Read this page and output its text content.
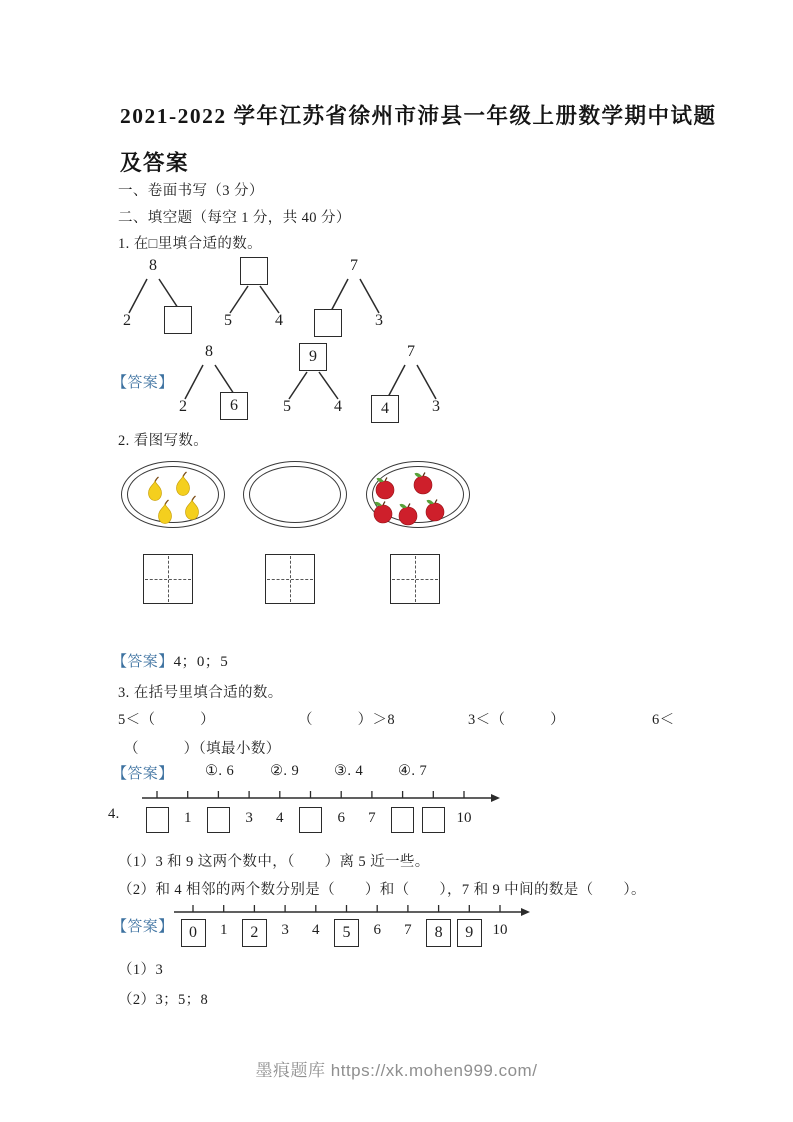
2021-2022 学年江苏省徐州市沛县一年级上册数学期中试题
及答案
一、卷面书写（3 分）
二、填空题（每空 1 分，共 40 分）
1. 在□里填合适的数。
8
2	5	4
7
3
【答案】
8
2	6
9
5	4
7
4	3
2. 看图写数。
【答案】4；0；5
3. 在括号里填合适的数。
5＜（　　　）	（　　　）＞8	3＜（　　　）	6＜
（　　　）（填最小数）
【答案】 ①. 6 ②. 9 ③. 4 ④. 7
4.	1	3 4	6 7	10
（1）3 和 9 这两个数中，（　　）离 5 近一些。
（2）和 4 相邻的两个数分别是（　　）和（　　），7 和 9 中间的数是（　　）。
【答案】 0	1	2	3 4	5	6 7	8	9	10
（1）3
（2）3；5；8
墨痕题库 https://xk.mohen999.com/
